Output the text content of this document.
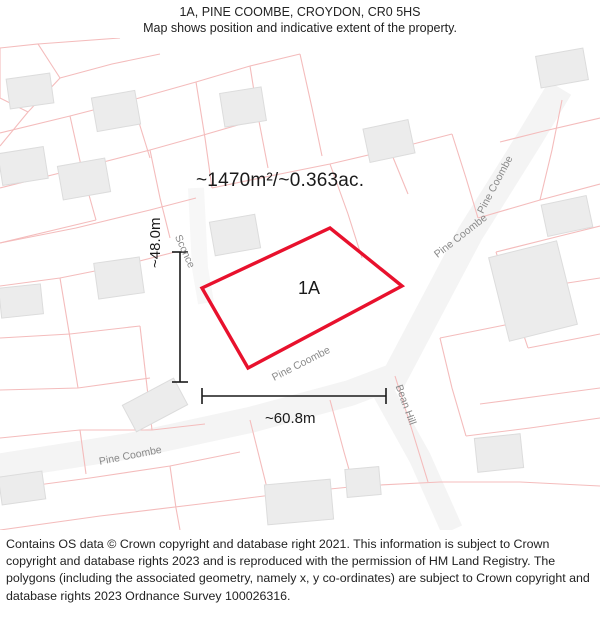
1A, PINE COOMBE, CROYDON, CR0 5HS
Map shows position and indicative extent of the property.
~1470m²/~0.363ac.
1A
~60.8m
~48.0m
Pine Coombe
Pine Coombe
Pine Coombe
Pine Coombe
Sconce
Bean Hill
Contains OS data © Crown copyright and database right 2021. This information is subject to Crown copyright and database rights 2023 and is reproduced with the permission of HM Land Registry. The polygons (including the associated geometry, namely x, y co-ordinates) are subject to Crown copyright and database rights 2023 Ordnance Survey 100026316.
